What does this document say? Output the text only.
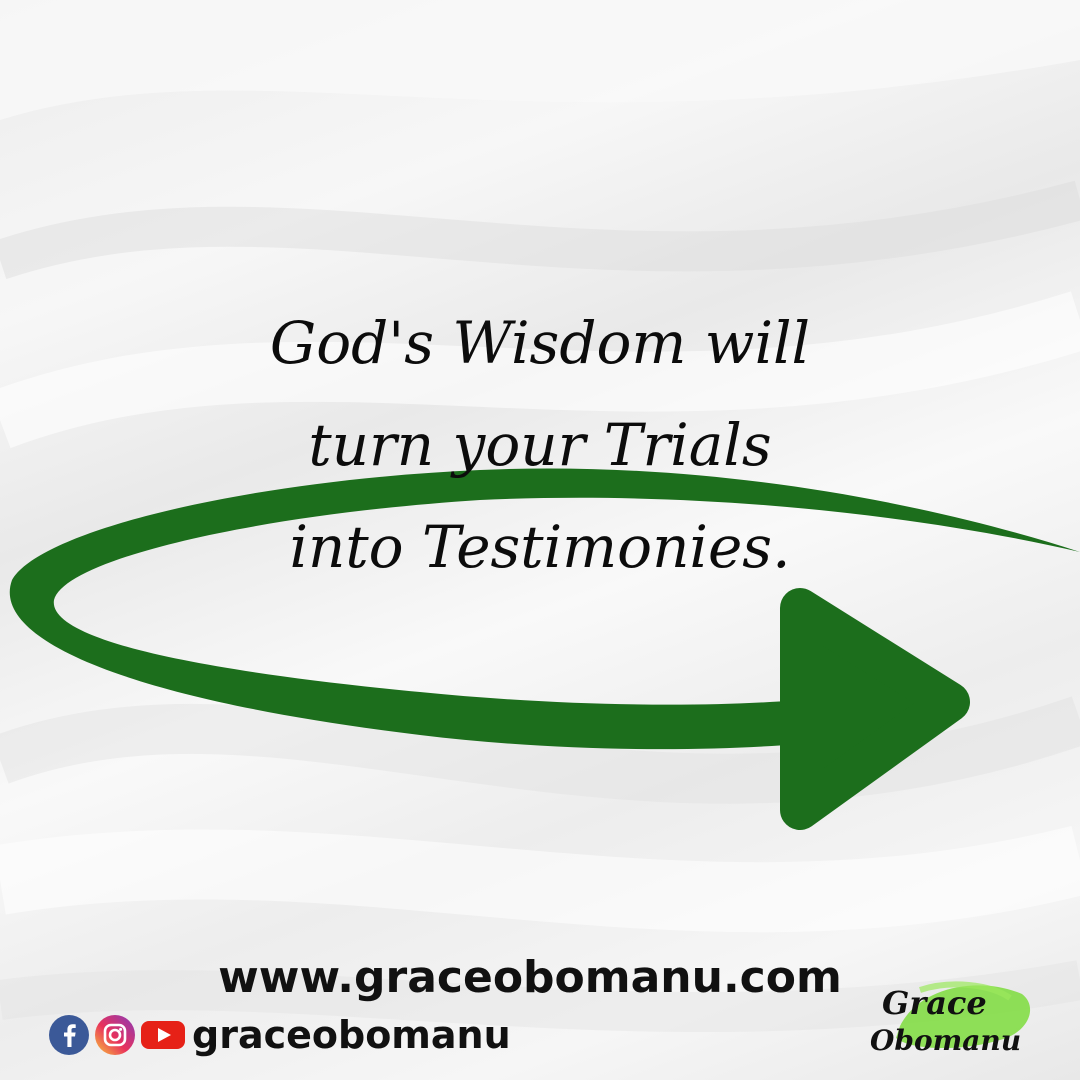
God's Wisdom will
turn your Trials
into Testimonies.

www.graceobomanu.com
graceobomanu
Grace
Obomanu
